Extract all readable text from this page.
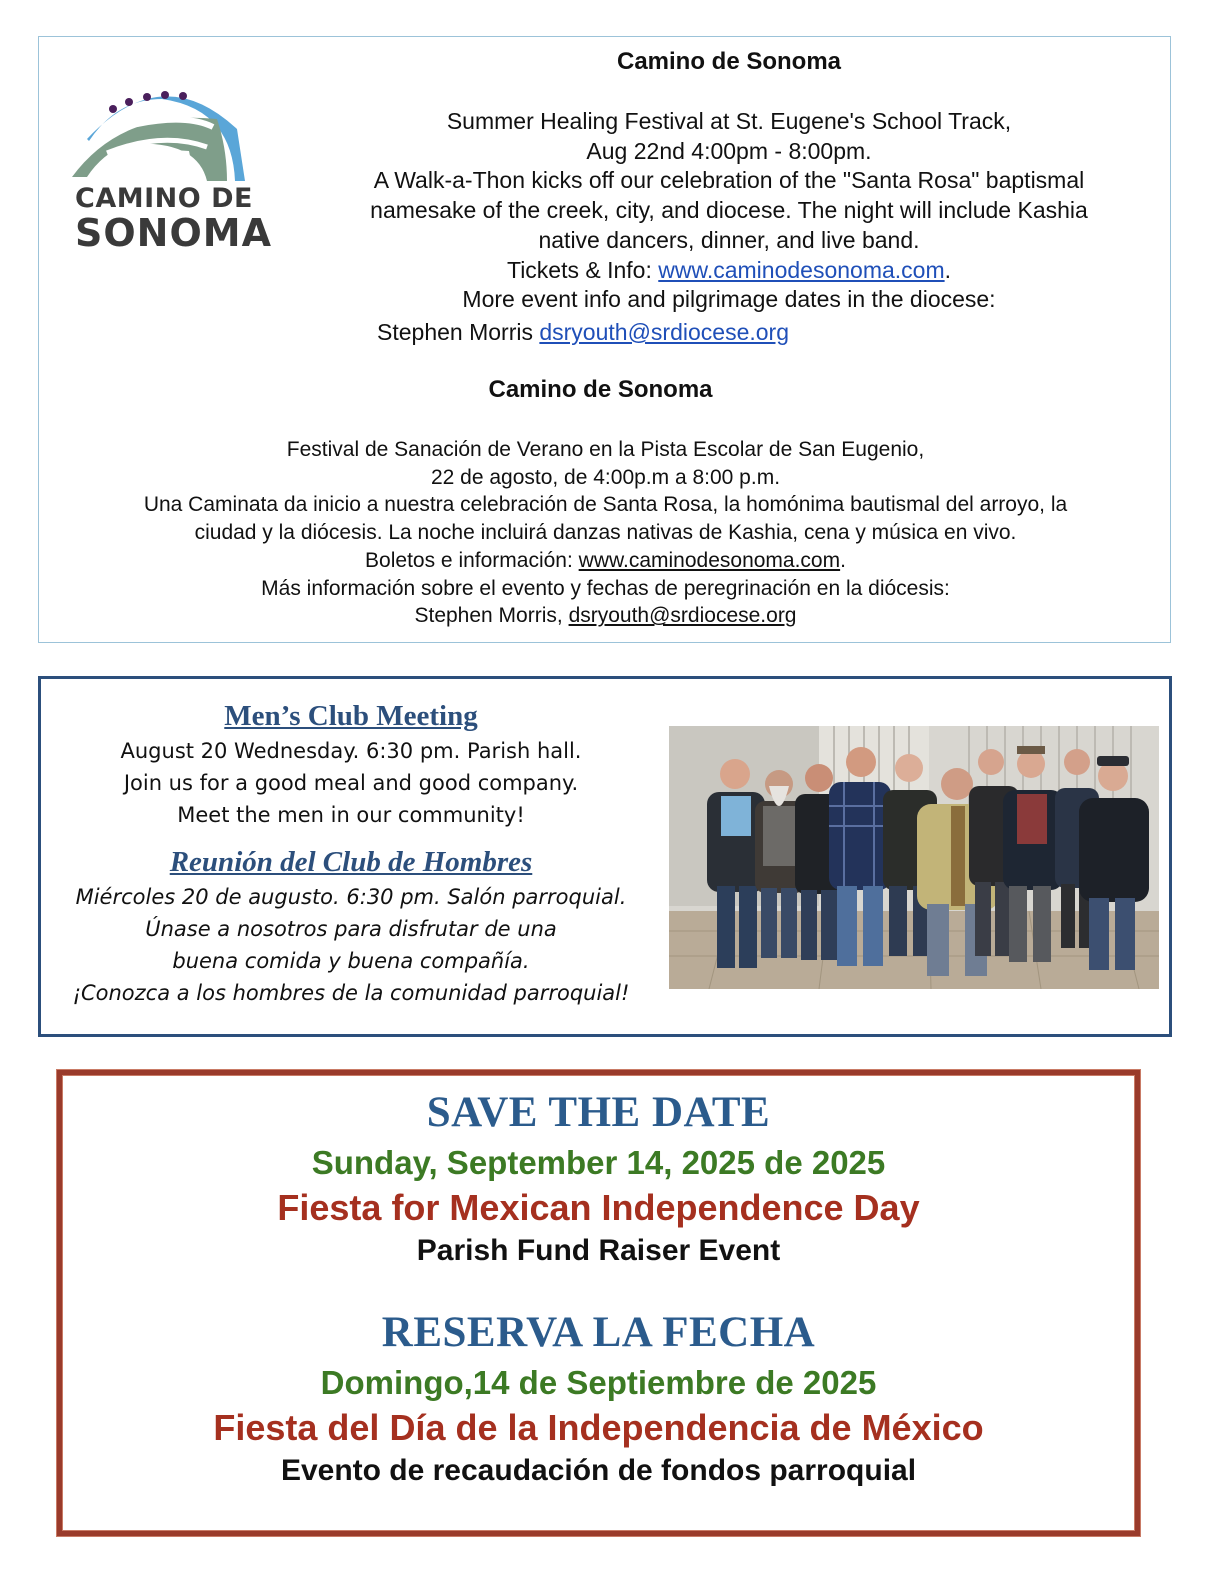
CAMINO DE
SONOMA
Camino de Sonoma
Summer Healing Festival at St. Eugene's School Track,
Aug 22nd 4:00pm - 8:00pm.
A Walk-a-Thon kicks off our celebration of the "Santa Rosa" baptismal
namesake of the creek, city, and diocese. The night will include Kashia
native dancers, dinner, and live band.
Tickets & Info: www.caminodesonoma.com.
More event info and pilgrimage dates in the diocese:
Stephen Morris dsryouth@srdiocese.org
Camino de Sonoma
Festival de Sanación de Verano en la Pista Escolar de San Eugenio,
22 de agosto, de 4:00p.m a 8:00 p.m.
Una Caminata da inicio a nuestra celebración de Santa Rosa, la homónima bautismal del arroyo, la
ciudad y la diócesis. La noche incluirá danzas nativas de Kashia, cena y música en vivo.
Boletos e información: www.caminodesonoma.com.
Más información sobre el evento y fechas de peregrinación en la diócesis:
Stephen Morris, dsryouth@srdiocese.org
Men’s Club Meeting
August 20 Wednesday. 6:30 pm. Parish hall.
Join us for a good meal and good company.
Meet the men in our community!
Reunión del Club de Hombres
Miércoles 20 de augusto. 6:30 pm. Salón parroquial.
Únase a nosotros para disfrutar de una
buena comida y buena compañía.
¡Conozca a los hombres de la comunidad parroquial!
SAVE THE DATE
Sunday, September 14, 2025 de 2025
Fiesta for Mexican Independence Day
Parish Fund Raiser Event
RESERVA LA FECHA
Domingo,14 de Septiembre de 2025
Fiesta del Día de la Independencia de México
Evento de recaudación de fondos parroquial
